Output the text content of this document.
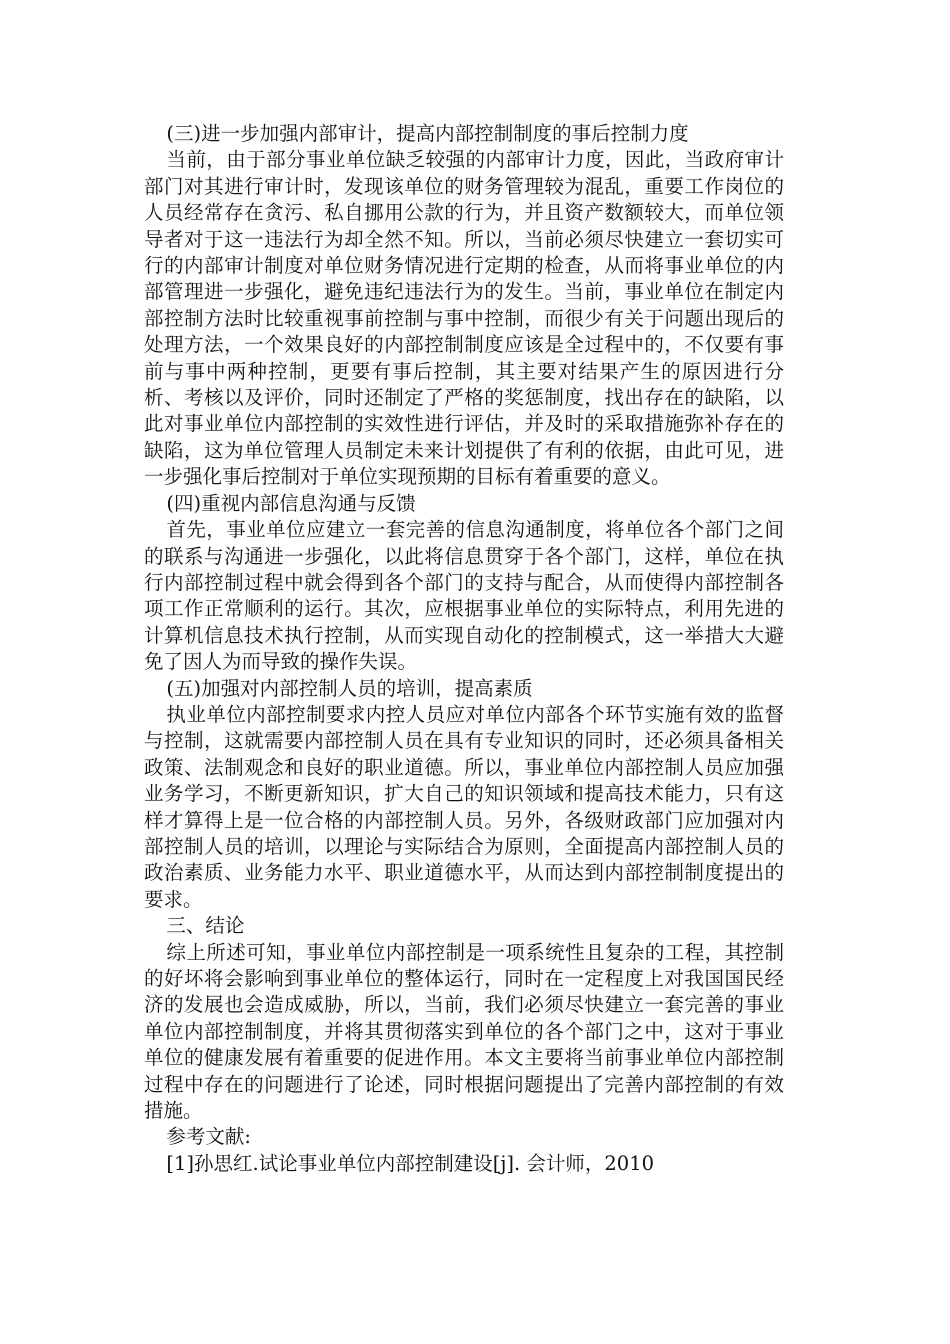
(三)进一步加强内部审计，提高内部控制制度的事后控制力度

当前，由于部分事业单位缺乏较强的内部审计力度，因此，当政府审计部门对其进行审计时，发现该单位的财务管理较为混乱，重要工作岗位的人员经常存在贪污、私自挪用公款的行为，并且资产数额较大，而单位领导者对于这一违法行为却全然不知。所以，当前必须尽快建立一套切实可行的内部审计制度对单位财务情况进行定期的检查，从而将事业单位的内部管理进一步强化，避免违纪违法行为的发生。当前，事业单位在制定内部控制方法时比较重视事前控制与事中控制，而很少有关于问题出现后的处理方法，一个效果良好的内部控制制度应该是全过程中的，不仅要有事前与事中两种控制，更要有事后控制，其主要对结果产生的原因进行分析、考核以及评价，同时还制定了严格的奖惩制度，找出存在的缺陷，以此对事业单位内部控制的实效性进行评估，并及时的采取措施弥补存在的缺陷，这为单位管理人员制定未来计划提供了有利的依据，由此可见，进一步强化事后控制对于单位实现预期的目标有着重要的意义。

(四)重视内部信息沟通与反馈

首先，事业单位应建立一套完善的信息沟通制度，将单位各个部门之间的联系与沟通进一步强化，以此将信息贯穿于各个部门，这样，单位在执行内部控制过程中就会得到各个部门的支持与配合，从而使得内部控制各项工作正常顺利的运行。其次，应根据事业单位的实际特点，利用先进的计算机信息技术执行控制，从而实现自动化的控制模式，这一举措大大避免了因人为而导致的操作失误。

(五)加强对内部控制人员的培训，提高素质

执业单位内部控制要求内控人员应对单位内部各个环节实施有效的监督与控制，这就需要内部控制人员在具有专业知识的同时，还必须具备相关政策、法制观念和良好的职业道德。所以，事业单位内部控制人员应加强业务学习，不断更新知识，扩大自己的知识领域和提高技术能力，只有这样才算得上是一位合格的内部控制人员。另外，各级财政部门应加强对内部控制人员的培训，以理论与实际结合为原则，全面提高内部控制人员的政治素质、业务能力水平、职业道德水平，从而达到内部控制制度提出的要求。

三、结论

综上所述可知，事业单位内部控制是一项系统性且复杂的工程，其控制的好坏将会影响到事业单位的整体运行，同时在一定程度上对我国国民经济的发展也会造成威胁，所以，当前，我们必须尽快建立一套完善的事业单位内部控制制度，并将其贯彻落实到单位的各个部门之中，这对于事业单位的健康发展有着重要的促进作用。本文主要将当前事业单位内部控制过程中存在的问题进行了论述，同时根据问题提出了完善内部控制的有效措施。

参考文献:

[1]孙思红.试论事业单位内部控制建设[j]. 会计师，2010
